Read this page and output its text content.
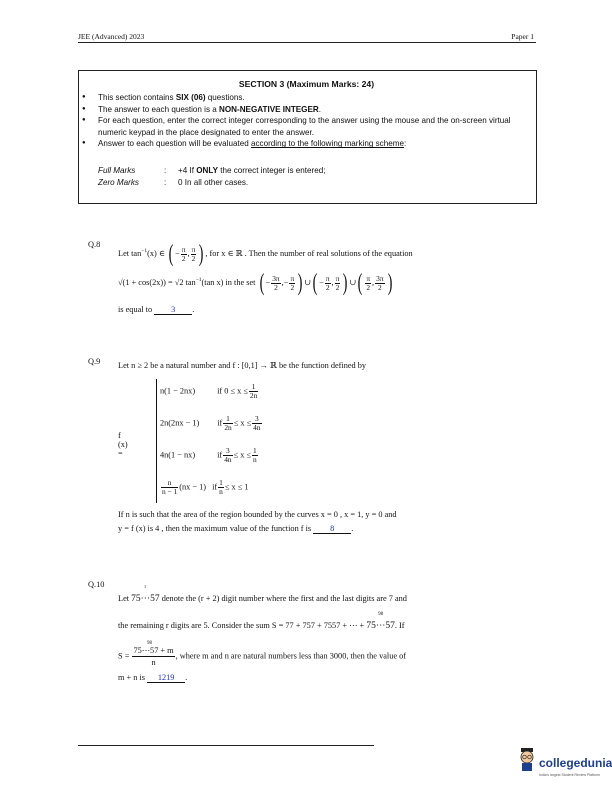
JEE (Advanced) 2023	Paper 1
SECTION 3 (Maximum Marks: 24)
● This section contains SIX (06) questions.
● The answer to each question is a NON-NEGATIVE INTEGER.
● For each question, enter the correct integer corresponding to the answer using the mouse and the on-screen virtual numeric keypad in the place designated to enter the answer.
● Answer to each question will be evaluated according to the following marking scheme:
Full Marks	: +4 If ONLY the correct integer is entered;
Zero Marks	: 0 In all other cases.
Q.8
Let $\tan^{-1}(x)$ ∈ ( − $\frac{\pi}{2}$ , $\frac{\pi}{2}$ ) , for x ∈ ℝ . Then the number of real solutions of the equation
√(1 + cos(2x)) = √2 $\tan^{-1}(\tan$ x) in the set ( − $\frac{3\pi}{2}$ ,− $\frac{\pi}{2}$ ) ∪( − $\frac{\pi}{2}$ , $\frac{\pi}{2}$ ) ∪( $\frac{\pi}{2}$ , $\frac{3\pi}{2}$ )
is equal to 3 .
Q.9 Let n ≥ 2 be a natural number and f : [0,1] → ℝ be the function defined by
f (x) =
n(1 − 2nx)	if $0 \le x \le \frac{1}{2n}$
2n(2nx − 1) if $\frac{1}{2n} \le x \le \frac{3}{4n}$
4n(1 − nx)	if $\frac{3}{4n} \le x \le \frac{1}{n}$
$\frac{n}{n - 1} (nx - 1)$ if $\frac{1}{n} \le x \le 1$
If n is such that the area of the region bounded by the curves x = 0 , x = 1, y = 0 and
y = f (x) is 4 , then the maximum value of the function f is 8 .
Q.10
Let
r
75⋯57 denote the (r + 2) digit number where the first and the last digits are 7 and
the remaining r digits are 5. Consider the sum S = 77 + 757 + 7557 + ⋯ +
98
75⋯57. If
S = 98
75⋯57 + m
n , where m and n are natural numbers less than 3000, then the value of
m + n is 1219 .
collegedunia
India's largest Student Review Platform
